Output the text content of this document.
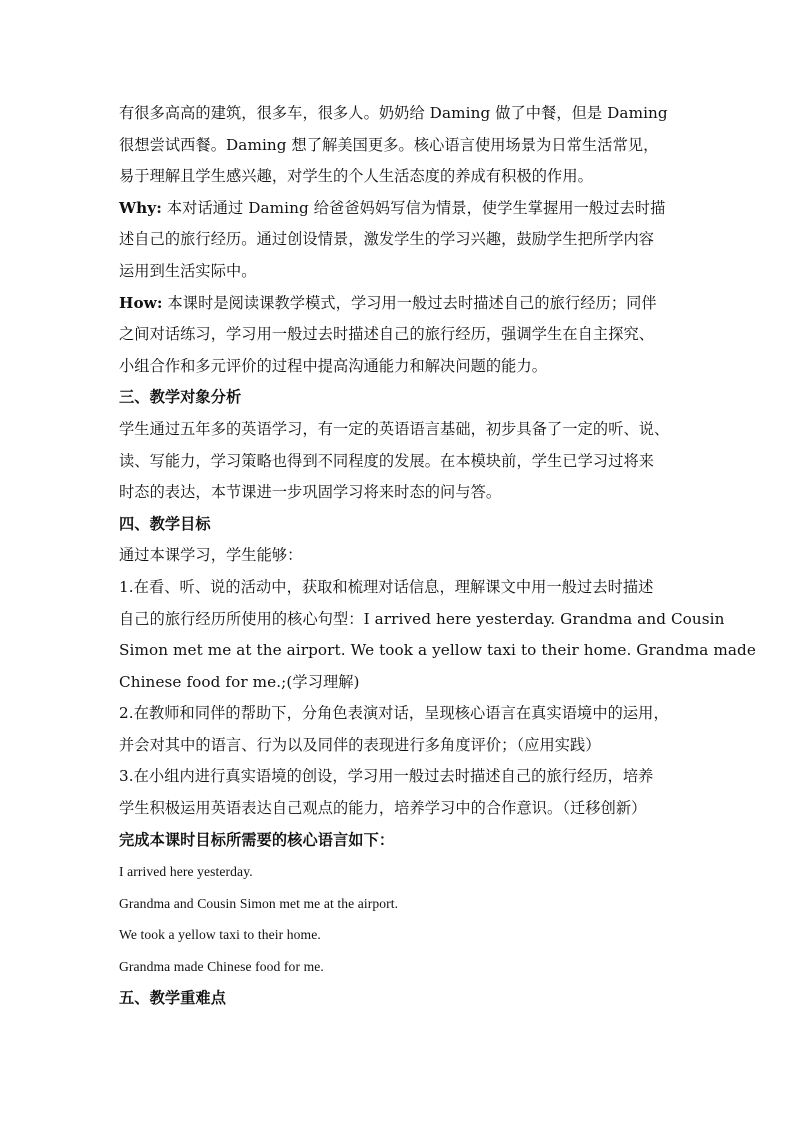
有很多高高的建筑，很多车，很多人。奶奶给 Daming 做了中餐，但是 Daming
很想尝试西餐。Daming 想了解美国更多。核心语言使用场景为日常生活常见，
易于理解且学生感兴趣，对学生的个人生活态度的养成有积极的作用。
Why: 本对话通过 Daming 给爸爸妈妈写信为情景，使学生掌握用一般过去时描
述自己的旅行经历。通过创设情景，激发学生的学习兴趣，鼓励学生把所学内容
运用到生活实际中。
How: 本课时是阅读课教学模式，学习用一般过去时描述自己的旅行经历；同伴
之间对话练习，学习用一般过去时描述自己的旅行经历，强调学生在自主探究、
小组合作和多元评价的过程中提高沟通能力和解决问题的能力。
三、教学对象分析
学生通过五年多的英语学习，有一定的英语语言基础，初步具备了一定的听、说、
读、写能力，学习策略也得到不同程度的发展。在本模块前，学生已学习过将来
时态的表达，本节课进一步巩固学习将来时态的问与答。
四、教学目标
通过本课学习，学生能够：
1.在看、听、说的活动中，获取和梳理对话信息，理解课文中用一般过去时描述
自己的旅行经历所使用的核心句型：I arrived here yesterday. Grandma and Cousin
Simon met me at the airport. We took a yellow taxi to their home. Grandma made
Chinese food for me.;(学习理解)
2.在教师和同伴的帮助下，分角色表演对话，呈现核心语言在真实语境中的运用，
并会对其中的语言、行为以及同伴的表现进行多角度评价；（应用实践）
3.在小组内进行真实语境的创设，学习用一般过去时描述自己的旅行经历，培养
学生积极运用英语表达自己观点的能力，培养学习中的合作意识。（迁移创新）
完成本课时目标所需要的核心语言如下：
I arrived here yesterday.
Grandma and Cousin Simon met me at the airport.
We took a yellow taxi to their home.
Grandma made Chinese food for me.
五、教学重难点
